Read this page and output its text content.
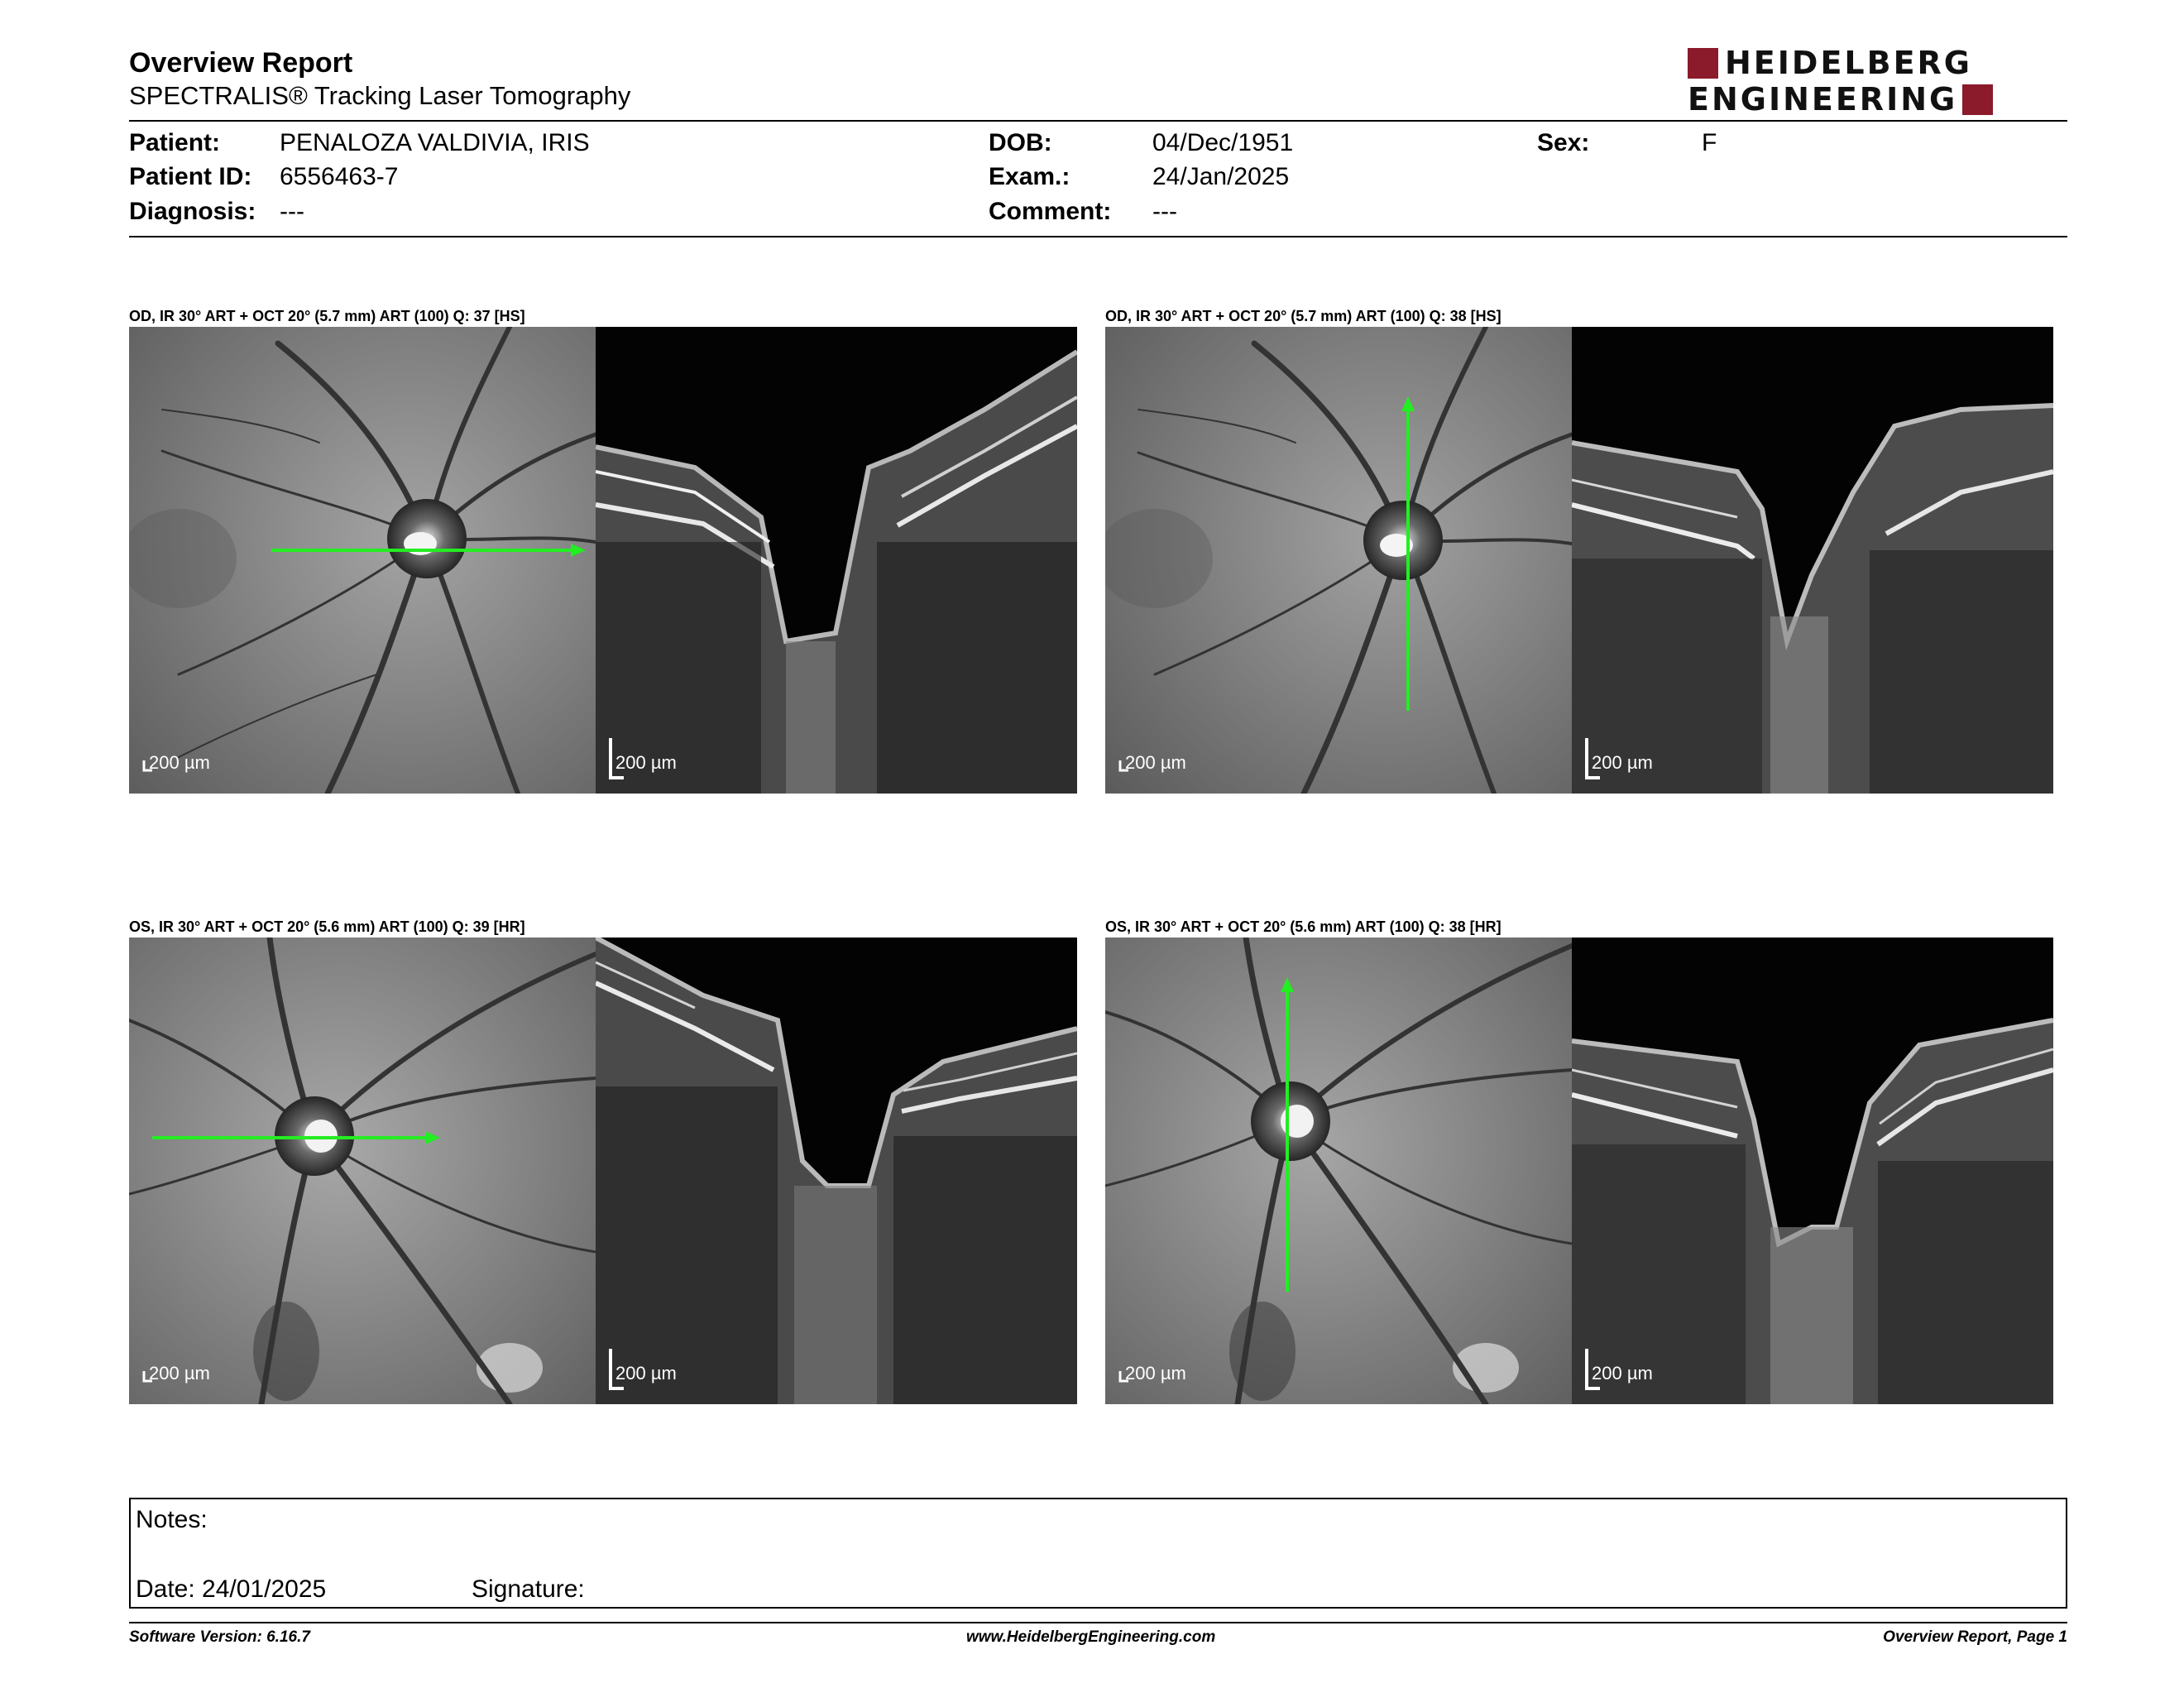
Overview Report
SPECTRALIS® Tracking Laser Tomography
HEIDELBERG
ENGINEERING
Patient: PENALOZA VALDIVIA, IRIS
Patient ID: 6556463-7
Diagnosis: ---
DOB:	04/Dec/1951
Exam.:	24/Jan/2025
Comment: ---
Sex:	F
OD, IR 30° ART + OCT 20° (5.7 mm) ART (100) Q: 37 [HS]
200 µm	200 µm
OD, IR 30° ART + OCT 20° (5.7 mm) ART (100) Q: 38 [HS]
200 µm	200 µm
OS, IR 30° ART + OCT 20° (5.6 mm) ART (100) Q: 39 [HR]
200 µm	200 µm
OS, IR 30° ART + OCT 20° (5.6 mm) ART (100) Q: 38 [HR]
200 µm	200 µm
Notes:
Date: 24/01/2025	Signature:
Software Version: 6.16.7	www.HeidelbergEngineering.com	Overview Report, Page 1
